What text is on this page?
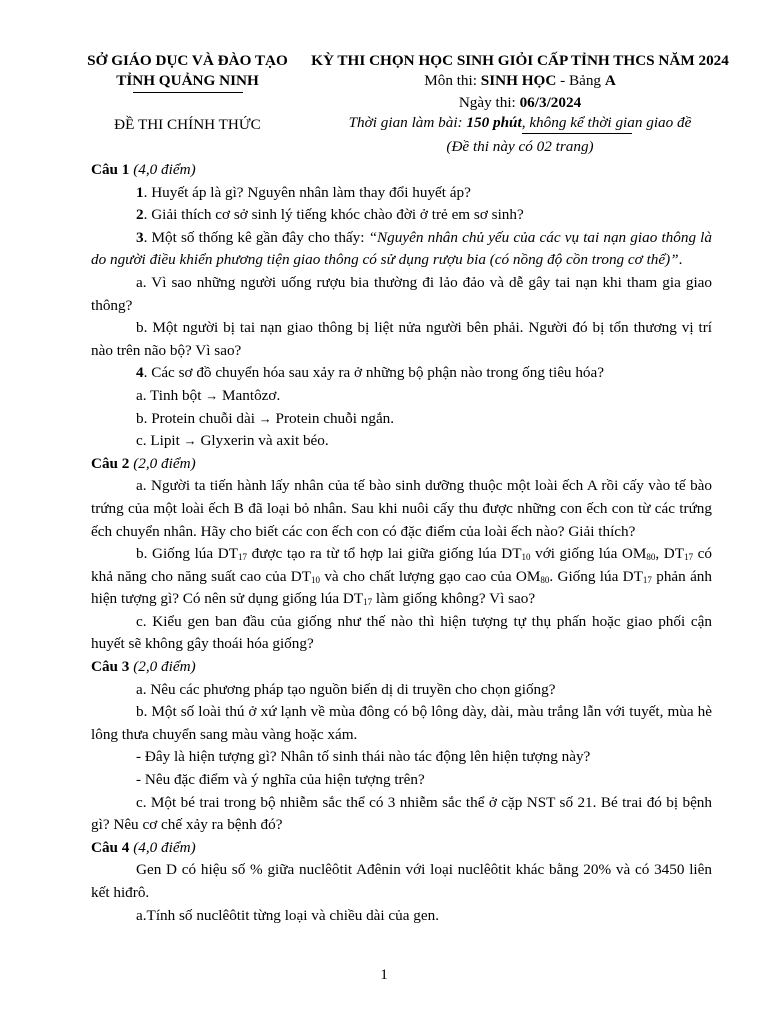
SỞ GIÁO DỤC VÀ ĐÀO TẠO
TỈNH QUẢNG NINH
ĐỀ THI CHÍNH THỨC
KỲ THI CHỌN HỌC SINH GIỎI CẤP TỈNH THCS NĂM 2024
Môn thi: SINH HỌC - Bảng A
Ngày thi: 06/3/2024
Thời gian làm bài: 150 phút, không kể thời gian giao đề
(Đề thi này có 02 trang)

Câu 1 (4,0 điểm)

1. Huyết áp là gì? Nguyên nhân làm thay đổi huyết áp?

2. Giải thích cơ sở sinh lý tiếng khóc chào đời ở trẻ em sơ sinh?

3. Một số thống kê gần đây cho thấy: “Nguyên nhân chủ yếu của các vụ tai nạn giao thông là do người điều khiển phương tiện giao thông có sử dụng rượu bia (có nồng độ cồn trong cơ thể)”.

a. Vì sao những người uống rượu bia thường đi lảo đảo và dễ gây tai nạn khi tham gia giao thông?

b. Một người bị tai nạn giao thông bị liệt nửa người bên phải. Người đó bị tổn thương vị trí nào trên não bộ? Vì sao?

4. Các sơ đồ chuyển hóa sau xảy ra ở những bộ phận nào trong ống tiêu hóa?

a. Tinh bột → Mantôzơ.

b. Protein chuỗi dài → Protein chuỗi ngắn.

c. Lipit → Glyxerin và axit béo.

Câu 2 (2,0 điểm)

a. Người ta tiến hành lấy nhân của tế bào sinh dưỡng thuộc một loài ếch A rồi cấy vào tế bào trứng của một loài ếch B đã loại bỏ nhân. Sau khi nuôi cấy thu được những con ếch con từ các trứng ếch chuyển nhân. Hãy cho biết các con ếch con có đặc điểm của loài ếch nào? Giải thích?

b. Giống lúa $DT_{17}$ được tạo ra từ tổ hợp lai giữa giống lúa $DT_{10}$ với giống lúa $OM_{80}$, $DT_{17}$ có khả năng cho năng suất cao của $DT_{10}$ và cho chất lượng gạo cao của $OM_{80}$. Giống lúa $DT_{17}$ phản ánh hiện tượng gì? Có nên sử dụng giống lúa $DT_{17}$ làm giống không? Vì sao?

c. Kiểu gen ban đầu của giống như thế nào thì hiện tượng tự thụ phấn hoặc giao phối cận huyết sẽ không gây thoái hóa giống?

Câu 3 (2,0 điểm)

a. Nêu các phương pháp tạo nguồn biến dị di truyền cho chọn giống?

b. Một số loài thú ở xứ lạnh về mùa đông có bộ lông dày, dài, màu trắng lẫn với tuyết, mùa hè lông thưa chuyển sang màu vàng hoặc xám.

- Đây là hiện tượng gì? Nhân tố sinh thái nào tác động lên hiện tượng này?

- Nêu đặc điểm và ý nghĩa của hiện tượng trên?

c. Một bé trai trong bộ nhiễm sắc thể có 3 nhiễm sắc thể ở cặp NST số 21. Bé trai đó bị bệnh gì? Nêu cơ chế xảy ra bệnh đó?

Câu 4 (4,0 điểm)

Gen D có hiệu số % giữa nuclêôtit Ađênin với loại nuclêôtit khác bằng 20% và có 3450 liên kết hiđrô.

a.Tính số nuclêôtit từng loại và chiều dài của gen.

1
